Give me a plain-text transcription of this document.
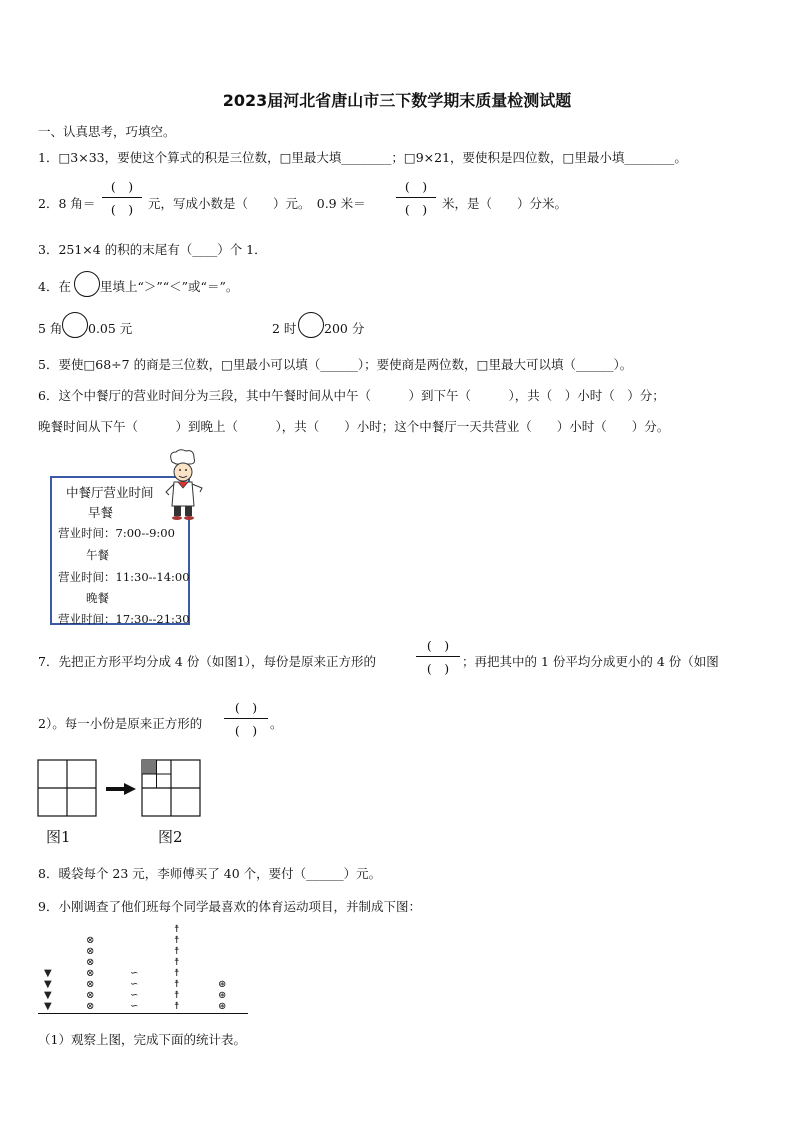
2023届河北省唐山市三下数学期末质量检测试题
一、认真思考，巧填空。
1．□3×33，要使这个算式的积是三位数，□里最大填________；□9×21，要使积是四位数，□里最小填________。
2．8 角＝
(　)
(　)	元，写成小数是（　　）元。　0.9 米＝
(　)
(　)	米，是（　　）分米。
3．251×4 的积的末尾有（____）个 1．
4．在 里填上“＞”“＜”或“＝”。
5 角 0.05 元	2 时 200 分
5．要使□68÷7 的商是三位数，□里最小可以填（______）；要使商是两位数，□里最大可以填（______）。
6．这个中餐厅的营业时间分为三段，其中午餐时间从中午（　　　）到下午（　　　），共（　）小时（　）分；
晚餐时间从下午（　　　）到晚上（　　　），共（　　）小时；这个中餐厅一天共营业（　　）小时（　　）分。
中餐厅营业时间
早餐
营业时间：7:00--9:00
午餐
营业时间：11:30--14:00
晚餐
营业时间：17:30--21:30
7．先把正方形平均分成 4 份（如图1），每份是原来正方形的
(　)
(　)	；再把其中的 1 份平均分成更小的 4 份（如图
2）。每一小份是原来正方形的
(　)
(　)	。
图1	图2
8．暖袋每个 23 元，李师傅买了 40 个，要付（______）元。
9．小刚调查了他们班每个同学最喜欢的体育运动项目，并制成下图：
▼
▼
▼
▼
⊗
⊗
⊗
⊗
⊗
⊗
⊗
∽
∽
∽
∽
☨
☨
☨
☨
☨
☨
☨
☨
⊛
⊛
⊛
（1）观察上图，完成下面的统计表。
